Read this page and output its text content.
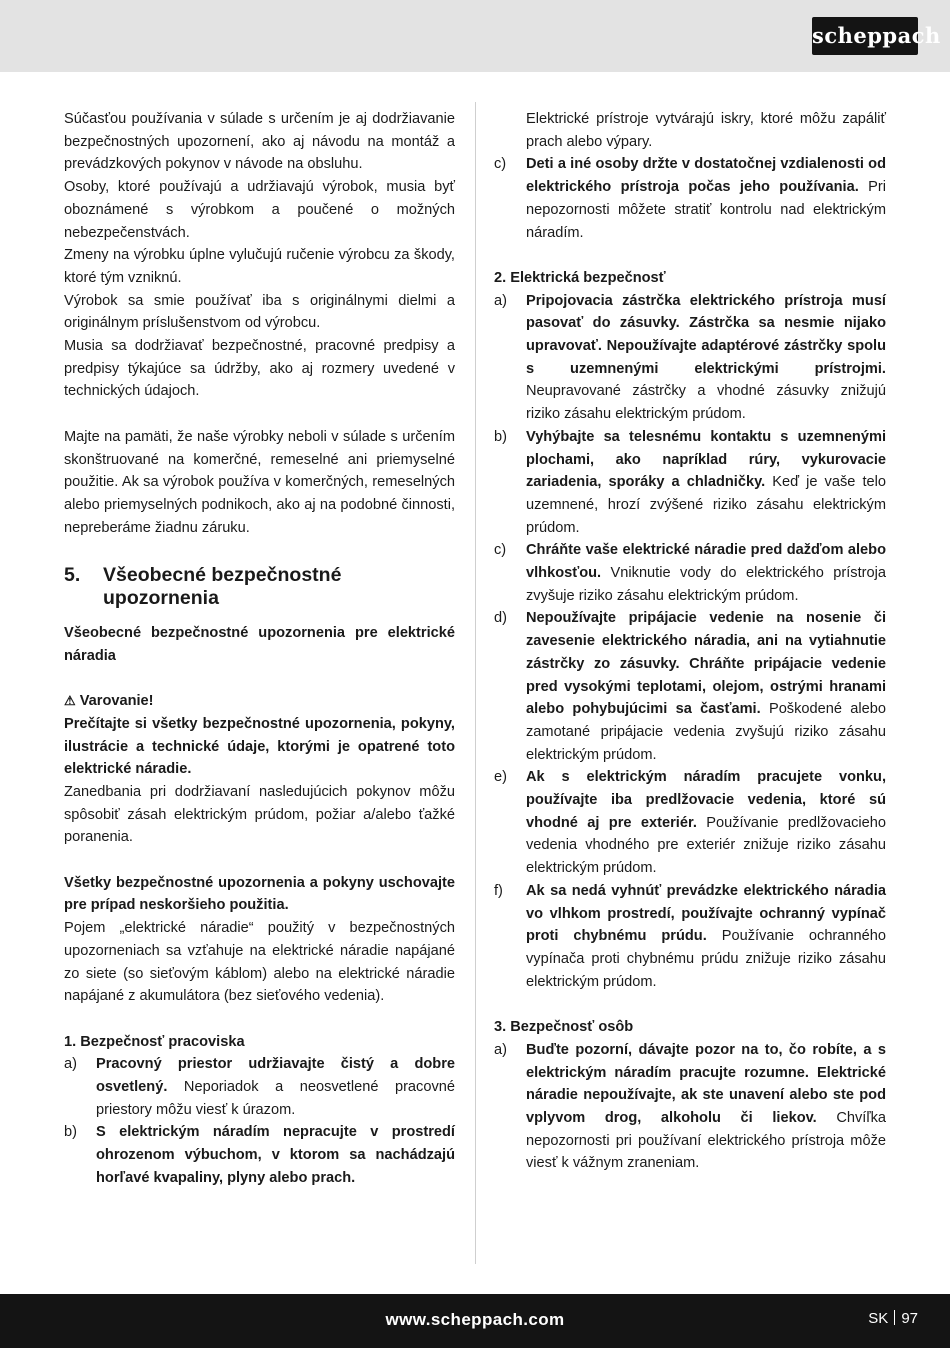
scheppach

Súčasťou používania v súlade s určením je aj dodržiavanie bezpečnostných upozornení, ako aj návodu na montáž a prevádzkových pokynov v návode na obsluhu.

Osoby, ktoré používajú a udržiavajú výrobok, musia byť oboznámené s výrobkom a poučené o možných nebezpečenstvách.

Zmeny na výrobku úplne vylučujú ručenie výrobcu za škody, ktoré tým vzniknú.

Výrobok sa smie používať iba s originálnymi dielmi a originálnym príslušenstvom od výrobcu.

Musia sa dodržiavať bezpečnostné, pracovné predpisy a predpisy týkajúce sa údržby, ako aj rozmery uvedené v technických údajoch.

Majte na pamäti, že naše výrobky neboli v súlade s určením skonštruované na komerčné, remeselné ani priemyselné použitie. Ak sa výrobok používa v komerčných, remeselných alebo priemyselných podnikoch, ako aj na podobné činnosti, nepreberáme žiadnu záruku.

5.	Všeobecné bezpečnostné upozornenia

Všeobecné bezpečnostné upozornenia pre elektrické náradia

⚠ Varovanie!

Prečítajte si všetky bezpečnostné upozornenia, pokyny, ilustrácie a technické údaje, ktorými je opatrené toto elektrické náradie.

Zanedbania pri dodržiavaní nasledujúcich pokynov môžu spôsobiť zásah elektrickým prúdom, požiar a/alebo ťažké poranenia.

Všetky bezpečnostné upozornenia a pokyny uschovajte pre prípad neskoršieho použitia.

Pojem „elektrické náradie“ použitý v bezpečnostných upozorneniach sa vzťahuje na elektrické náradie napájané zo siete (so sieťovým káblom) alebo na elektrické náradie napájané z akumulátora (bez sieťového vedenia).

1. Bezpečnosť pracoviska

a)	Pracovný priestor udržiavajte čistý a dobre osvetlený. Neporiadok a neosvetlené pracovné priestory môžu viesť k úrazom.
b)	S elektrickým náradím nepracujte v prostredí ohrozenom výbuchom, v ktorom sa nachádzajú horľavé kvapaliny, plyny alebo prach.

Elektrické prístroje vytvárajú iskry, ktoré môžu zapáliť prach alebo výpary.

c)	Deti a iné osoby držte v dostatočnej vzdialenosti od elektrického prístroja počas jeho používania. Pri nepozornosti môžete stratiť kontrolu nad elektrickým náradím.

2. Elektrická bezpečnosť

a)	Pripojovacia zástrčka elektrického prístroja musí pasovať do zásuvky. Zástrčka sa nesmie nijako upravovať. Nepoužívajte adaptérové zástrčky spolu s uzemnenými elektrickými prístrojmi. Neupravované zástrčky a vhodné zásuvky znižujú riziko zásahu elektrickým prúdom.
b)	Vyhýbajte sa telesnému kontaktu s uzemnenými plochami, ako napríklad rúry, vykurovacie zariadenia, sporáky a chladničky. Keď je vaše telo uzemnené, hrozí zvýšené riziko zásahu elektrickým prúdom.
c)	Chráňte vaše elektrické náradie pred dažďom alebo vlhkosťou. Vniknutie vody do elektrického prístroja zvyšuje riziko zásahu elektrickým prúdom.
d)	Nepoužívajte pripájacie vedenie na nosenie či zavesenie elektrického náradia, ani na vytiahnutie zástrčky zo zásuvky. Chráňte pripájacie vedenie pred vysokými teplotami, olejom, ostrými hranami alebo pohybujúcimi sa časťami. Poškodené alebo zamotané pripájacie vedenia zvyšujú riziko zásahu elektrickým prúdom.
e)	Ak s elektrickým náradím pracujete vonku, používajte iba predlžovacie vedenia, ktoré sú vhodné aj pre exteriér. Používanie predlžovacieho vedenia vhodného pre exteriér znižuje riziko zásahu elektrickým prúdom.
f)	Ak sa nedá vyhnúť prevádzke elektrického náradia vo vlhkom prostredí, používajte ochranný vypínač proti chybnému prúdu. Používanie ochranného vypínača proti chybnému prúdu znižuje riziko zásahu elektrickým prúdom.

3. Bezpečnosť osôb

a)	Buďte pozorní, dávajte pozor na to, čo robíte, a s elektrickým náradím pracujte rozumne. Elektrické náradie nepoužívajte, ak ste unavení alebo ste pod vplyvom drog, alkoholu či liekov. Chvíľka nepozornosti pri používaní elektrického prístroja môže viesť k vážnym zraneniam.
www.scheppach.com	SK 97
